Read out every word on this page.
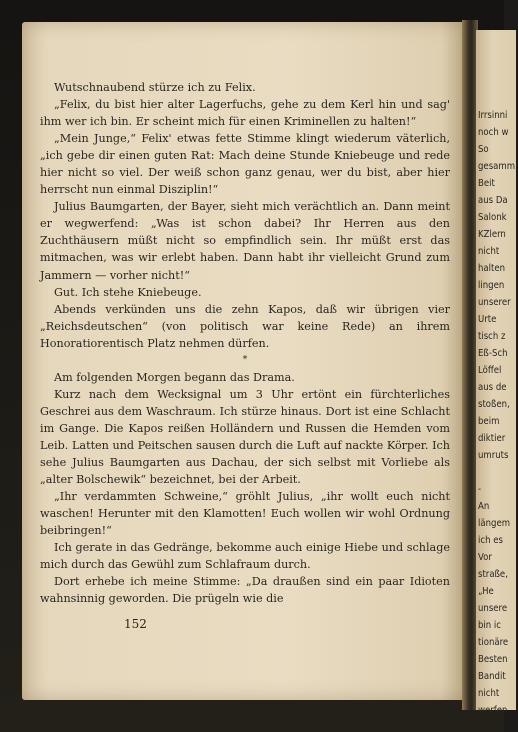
Wutschnaubend stürze ich zu Felix.

„Felix, du bist hier alter Lagerfuchs, gehe zu dem Kerl hin und sag' ihm wer ich bin. Er scheint mich für einen Kriminellen zu halten!“

„Mein Junge,“ Felix' etwas fette Stimme klingt wiederum väterlich, „ich gebe dir einen guten Rat: Mach deine Stunde Kniebeuge und rede hier nicht so viel. Der weiß schon ganz genau, wer du bist, aber hier herrscht nun einmal Disziplin!“

Julius Baumgarten, der Bayer, sieht mich verächtlich an. Dann meint er wegwerfend: „Was ist schon dabei? Ihr Herren aus den Zuchthäusern müßt nicht so empfindlich sein. Ihr müßt erst das mitmachen, was wir erlebt haben. Dann habt ihr vielleicht Grund zum Jammern — vorher nicht!“

Gut. Ich stehe Kniebeuge.

Abends verkünden uns die zehn Kapos, daß wir übrigen vier „Reichsdeutschen“ (von politisch war keine Rede) an ihrem Honoratiorentisch Platz nehmen dürfen.

*

Am folgenden Morgen begann das Drama.

Kurz nach dem Wecksignal um 3 Uhr ertönt ein fürchterliches Geschrei aus dem Waschraum. Ich stürze hinaus. Dort ist eine Schlacht im Gange. Die Kapos reißen Holländern und Russen die Hemden vom Leib. Latten und Peitschen sausen durch die Luft auf nackte Körper. Ich sehe Julius Baumgarten aus Dachau, der sich selbst mit Vorliebe als „alter Bolschewik“ bezeichnet, bei der Arbeit.

„Ihr verdammten Schweine,“ gröhlt Julius, „ihr wollt euch nicht waschen! Herunter mit den Klamotten! Euch wollen wir wohl Ordnung beibringen!“

Ich gerate in das Gedränge, bekomme auch einige Hiebe und schlage mich durch das Gewühl zum Schlafraum durch.

Dort erhebe ich meine Stimme: „Da draußen sind ein paar Idioten wahnsinnig geworden. Die prügeln wie die

152
Irrsinni
noch w
So
gesamm
Beit
aus Da
Salonk
KZlern
nicht
halten
lingen
unserer
Urte
tisch z
Eß-Sch
Löffel
aus de
stoßen,
beim
diktier
umruts
-
An
längem
ich es
Vor
straße,
„He
unsere
bin ic
tionäre
Besten
Bandit
nicht
werfen
